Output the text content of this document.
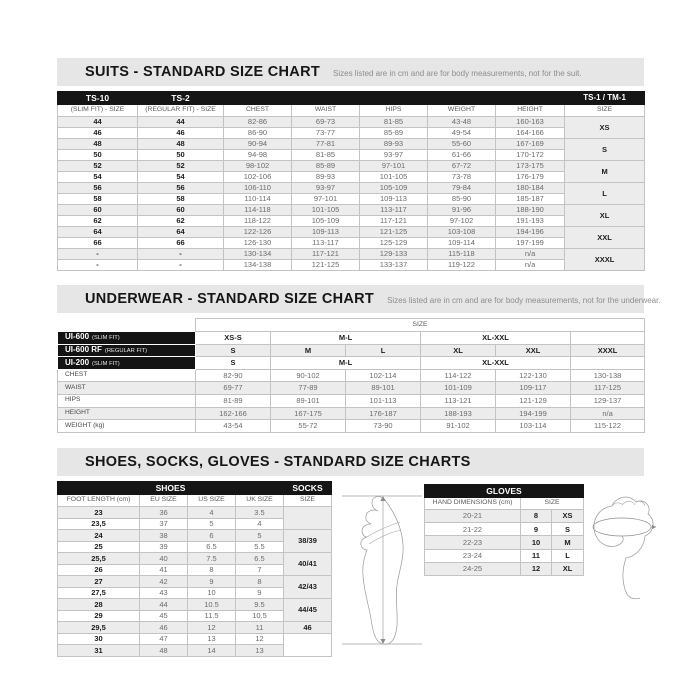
SUITS - STANDARD SIZE CHART Sizes listed are in cm and are for body measurements, not for the suit.
TS-10	TS-2						TS-1 / TM-1
(SLIM FIT) - SIZE	(REGULAR FIT) - SIZE	CHEST	WAIST	HIPS	WEIGHT	HEIGHT	SIZE
44	44	82-86	69-73	81-85	43-48	160-163	XS
46	46	86-90	73-77	85-89	49-54	164-166	
48	48	90-94	77-81	89-93	55-60	167-169	S
50	50	94-98	81-85	93-97	61-66	170-172	
52	52	98-102	85-89	97-101	67-72	173-175	M
54	54	102-106	89-93	101-105	73-78	176-179	
56	56	106-110	93-97	105-109	79-84	180-184	L
58	58	110-114	97-101	109-113	85-90	185-187	
60	60	114-118	101-105	113-117	91-96	188-190	XL
62	62	118-122	105-109	117-121	97-102	191-193	
64	64	122-126	109-113	121-125	103-108	194-196	XXL
66	66	126-130	113-117	125-129	109-114	197-199	
-	-	130-134	117-121	129-133	115-118	n/a	XXXL
-	-	134-138	121-125	133-137	119-122	n/a	
UNDERWEAR - STANDARD SIZE CHART Sizes listed are in cm and are for body measurements, not for the underwear.
	SIZE					
UI-600 (SLIM FIT)	XS-S	M-L		XL-XXL		
UI-600 RF (REGULAR FIT)	S	M	L	XL	XXL	XXXL
UI-200 (SLIM FIT)	S	M-L		XL-XXL		
CHEST	82-90	90-102	102-114	114-122	122-130	130-138
WAIST	69-77	77-89	89-101	101-109	109-117	117-125
HIPS	81-89	89-101	101-113	113-121	121-129	129-137
HEIGHT	162-166	167-175	176-187	188-193	194-199	n/a
WEIGHT (kg)	43-54	55-72	73-90	91-102	103-114	115-122
SHOES, SOCKS, GLOVES - STANDARD SIZE CHARTS
SHOES				SOCKS
FOOT LENGTH (cm)	EU SIZE	US SIZE	UK SIZE	SIZE
23	36	4	3.5	
23,5	37	5	4	
24	38	6	5	38/39
25	39	6.5	5.5	
25,5	40	7.5	6.5	40/41
26	41	8	7	
27	42	9	8	42/43
27,5	43	10	9	
28	44	10.5	9.5	44/45
29	45	11.5	10.5	
29,5	46	12	11	46
30	47	13	12	
31	48	14	13	
GLOVES		
HAND DIMENSIONS (cm)	SIZE	
20-21	8	XS
21-22	9	S
22-23	10	M
23-24	11	L
24-25	12	XL
